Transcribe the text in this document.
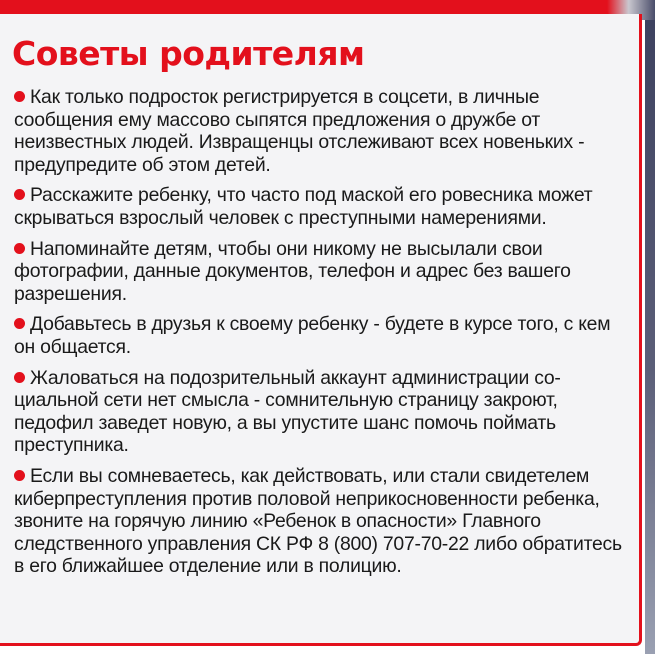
Советы родителям
Как только подросток регистрируется в соцсети, в личные сообщения ему массово сыпятся предложения о дружбе от неизвестных людей. Извращенцы отслеживают всех новеньких - предупредите об этом детей.
Расскажите ребенку, что часто под маской его ровесника может скрываться взрослый человек с преступными намерениями.
Напоминайте детям, чтобы они никому не высылали свои фотографии, данные документов, телефон и адрес без вашего разрешения.
Добавьтесь в друзья к своему ребенку - будете в курсе того, с кем он общается.
Жаловаться на подозрительный аккаунт администрации социальной сети нет смысла - сомнительную страницу закроют, педофил заведет новую, а вы упустите шанс помочь поймать преступника.
Если вы сомневаетесь, как действовать, или стали свидетелем киберпреступления против половой неприкосновенности ребенка, звоните на горячую линию «Ребенок в опасности» Главного следственного управления СК РФ 8 (800) 707-70-22 либо обратитесь в его ближайшее отделение или в полицию.
